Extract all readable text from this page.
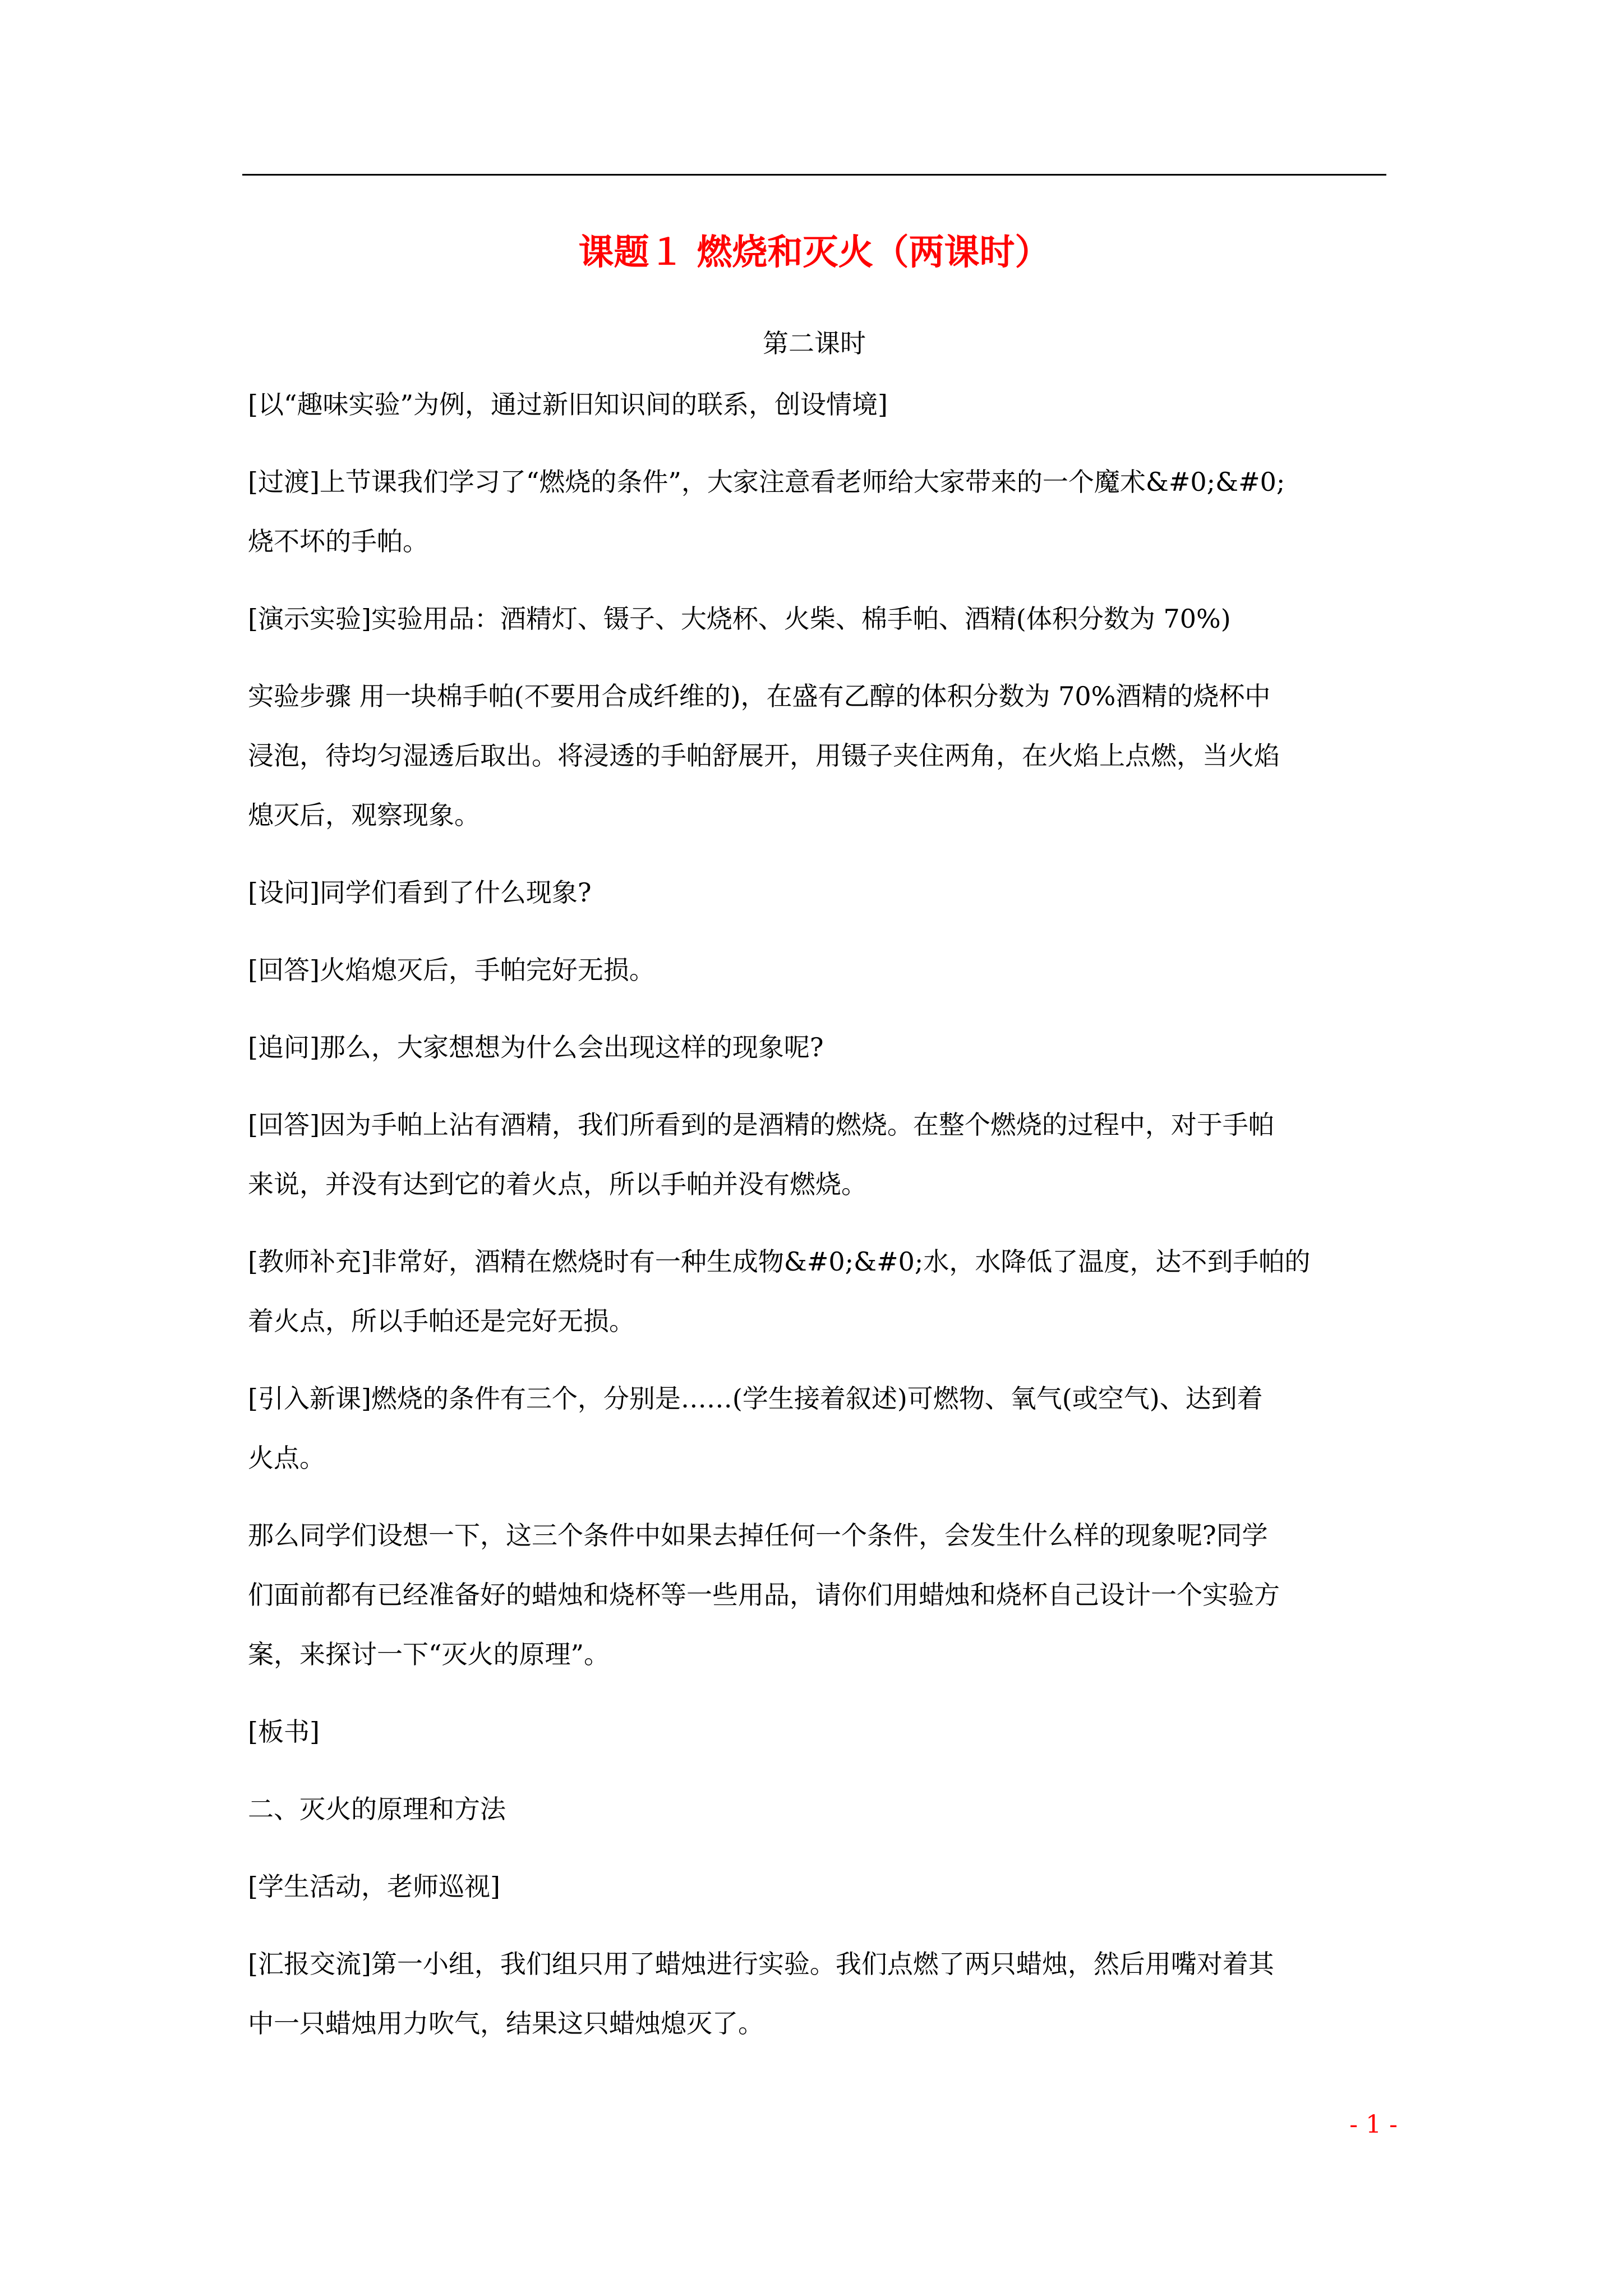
课题１ 燃烧和灭火（两课时）
第二课时
[以“趣味实验”为例，通过新旧知识间的联系，创设情境]
[过渡]上节课我们学习了“燃烧的条件”，大家注意看老师给大家带来的一个魔术&#0;&#0;
烧不坏的手帕。
[演示实验]实验用品：酒精灯、镊子、大烧杯、火柴、棉手帕、酒精(体积分数为 70%)
实验步骤 用一块棉手帕(不要用合成纤维的)，在盛有乙醇的体积分数为 70%酒精的烧杯中
浸泡，待均匀湿透后取出。将浸透的手帕舒展开，用镊子夹住两角，在火焰上点燃，当火焰
熄灭后，观察现象。
[设问]同学们看到了什么现象?
[回答]火焰熄灭后，手帕完好无损。
[追问]那么，大家想想为什么会出现这样的现象呢?
[回答]因为手帕上沾有酒精，我们所看到的是酒精的燃烧。在整个燃烧的过程中，对于手帕
来说，并没有达到它的着火点，所以手帕并没有燃烧。
[教师补充]非常好，酒精在燃烧时有一种生成物&#0;&#0;水，水降低了温度，达不到手帕的
着火点，所以手帕还是完好无损。
[引入新课]燃烧的条件有三个，分别是……(学生接着叙述)可燃物、氧气(或空气)、达到着
火点。
那么同学们设想一下，这三个条件中如果去掉任何一个条件，会发生什么样的现象呢?同学
们面前都有已经准备好的蜡烛和烧杯等一些用品，请你们用蜡烛和烧杯自己设计一个实验方
案，来探讨一下“灭火的原理”。
[板书]
二、灭火的原理和方法
[学生活动，老师巡视]
[汇报交流]第一小组，我们组只用了蜡烛进行实验。我们点燃了两只蜡烛，然后用嘴对着其
中一只蜡烛用力吹气，结果这只蜡烛熄灭了。
- 1 -
